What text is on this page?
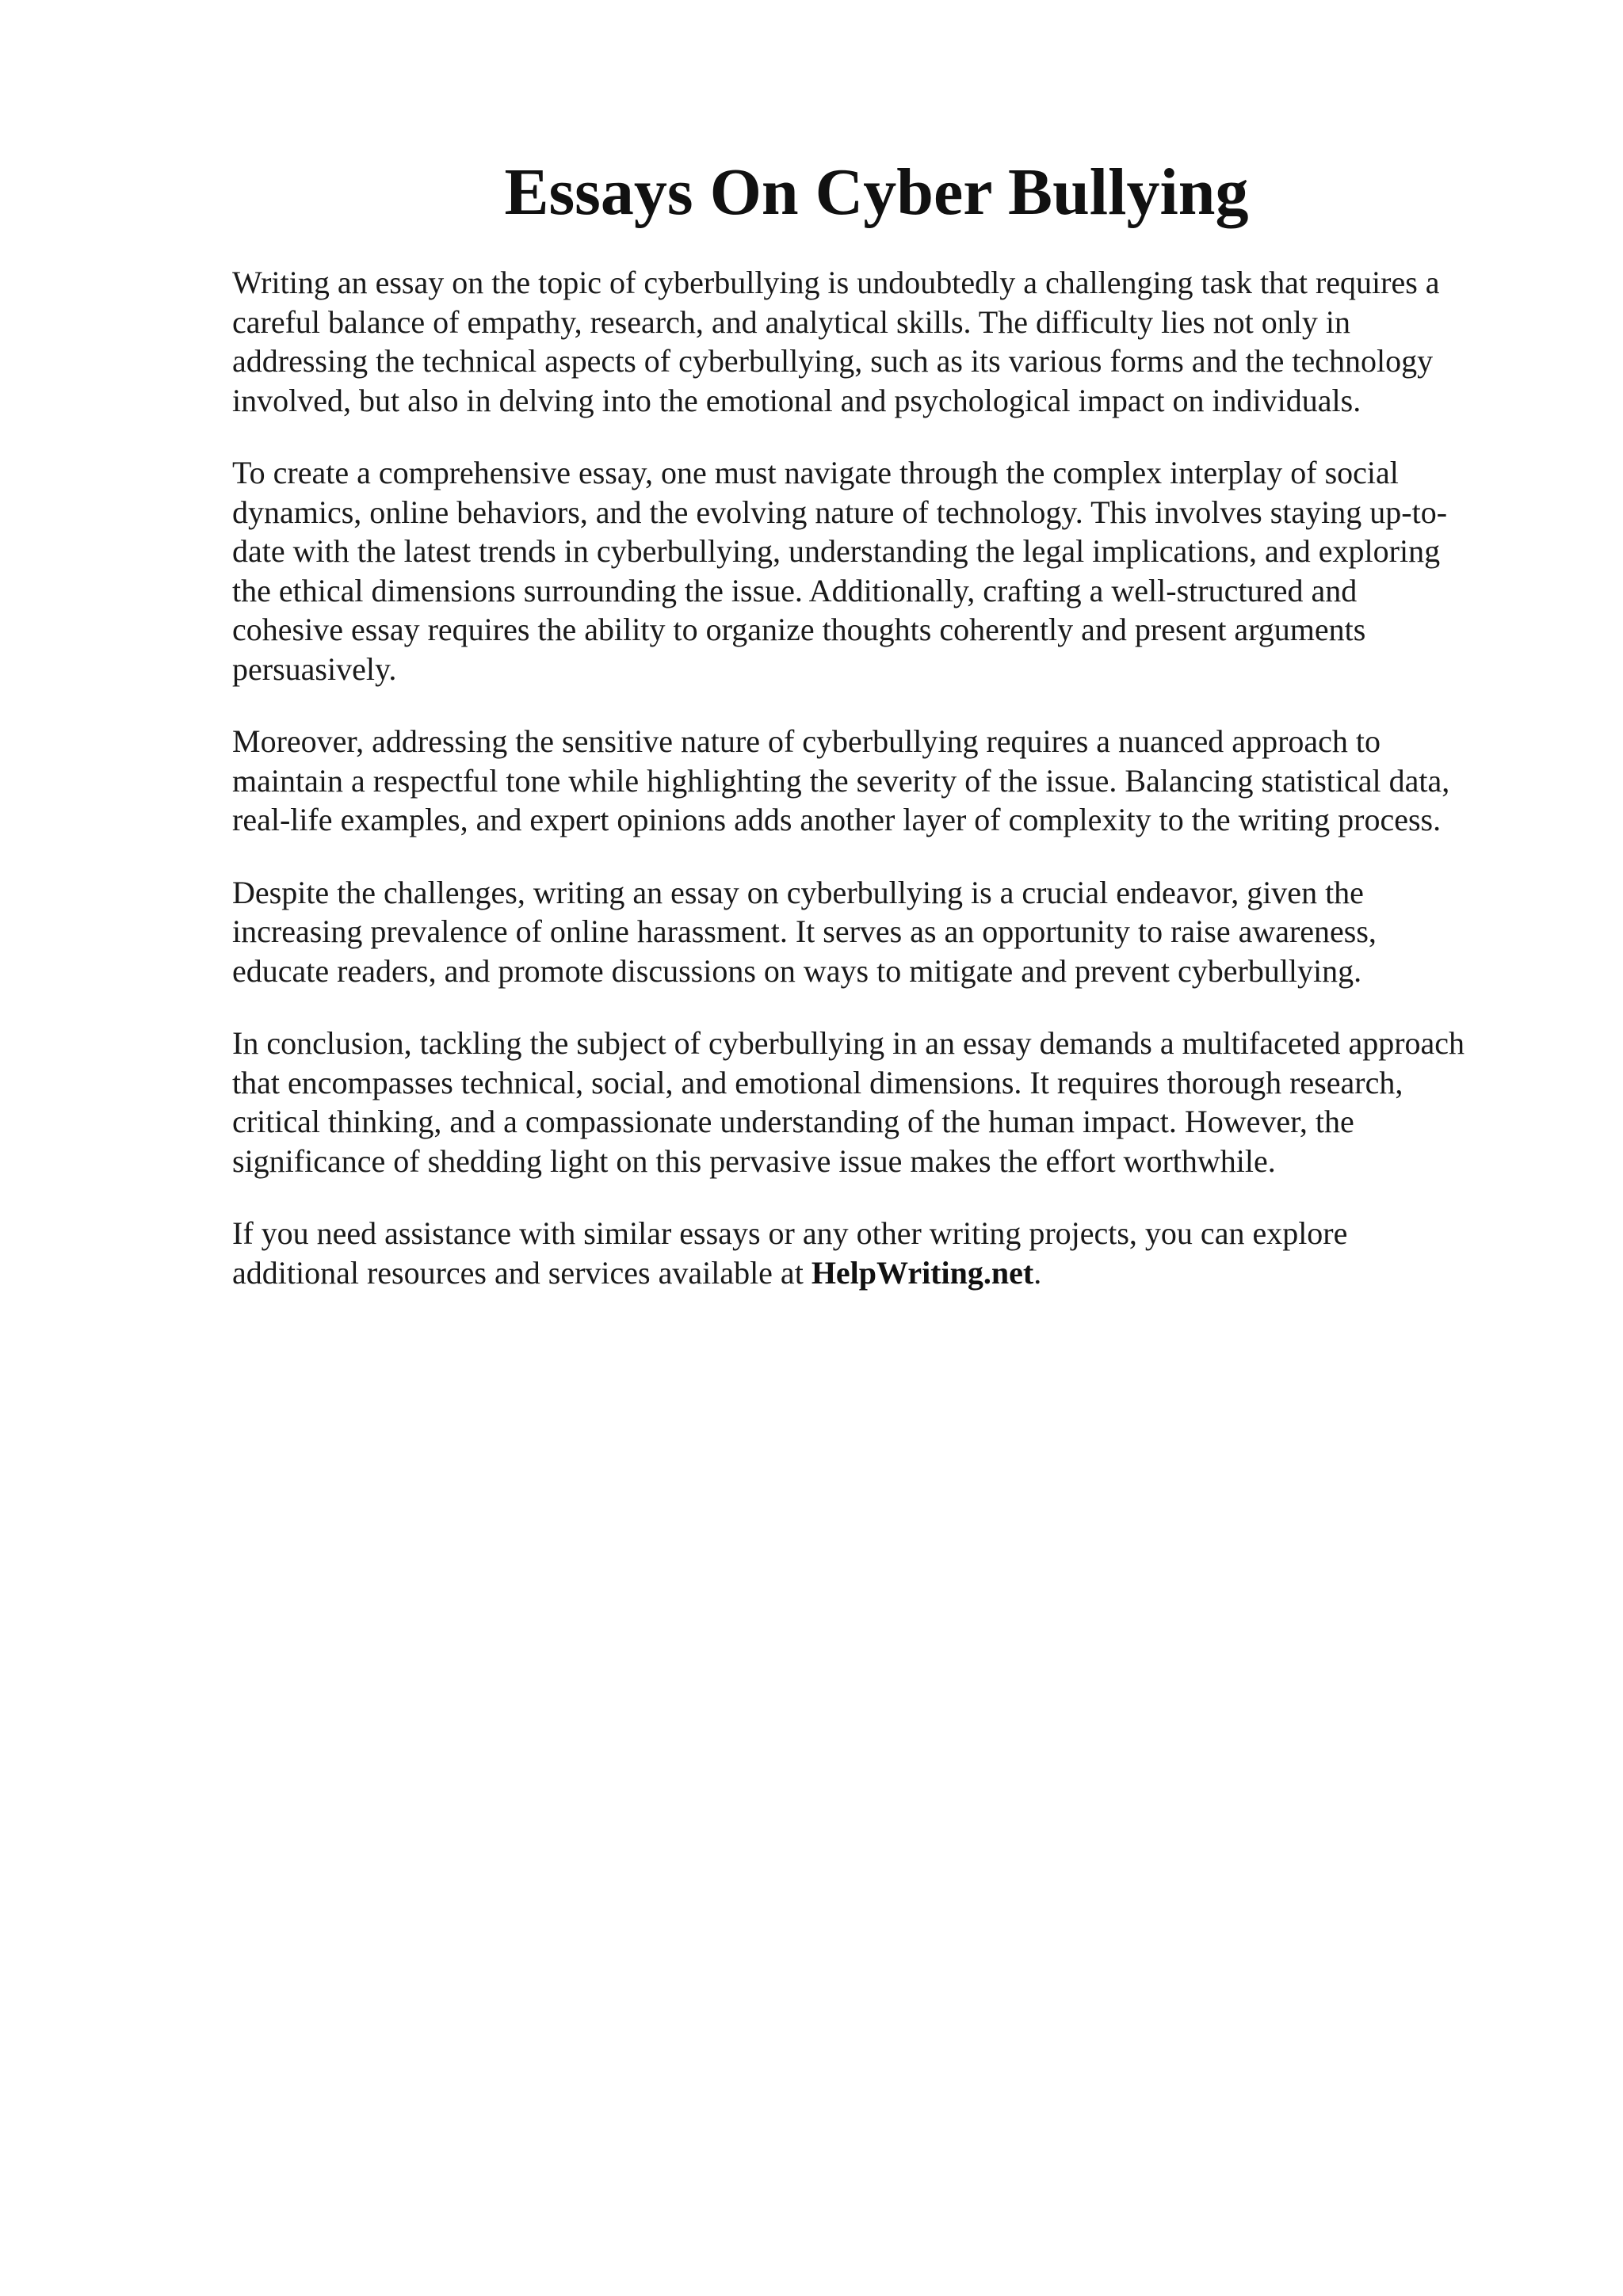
Essays On Cyber Bullying

Writing an essay on the topic of cyberbullying is undoubtedly a challenging task that requires a
careful balance of empathy, research, and analytical skills. The difficulty lies not only in
addressing the technical aspects of cyberbullying, such as its various forms and the technology
involved, but also in delving into the emotional and psychological impact on individuals.

To create a comprehensive essay, one must navigate through the complex interplay of social
dynamics, online behaviors, and the evolving nature of technology. This involves staying up-to-
date with the latest trends in cyberbullying, understanding the legal implications, and exploring
the ethical dimensions surrounding the issue. Additionally, crafting a well-structured and
cohesive essay requires the ability to organize thoughts coherently and present arguments
persuasively.

Moreover, addressing the sensitive nature of cyberbullying requires a nuanced approach to
maintain a respectful tone while highlighting the severity of the issue. Balancing statistical data,
real-life examples, and expert opinions adds another layer of complexity to the writing process.

Despite the challenges, writing an essay on cyberbullying is a crucial endeavor, given the
increasing prevalence of online harassment. It serves as an opportunity to raise awareness,
educate readers, and promote discussions on ways to mitigate and prevent cyberbullying.

In conclusion, tackling the subject of cyberbullying in an essay demands a multifaceted approach
that encompasses technical, social, and emotional dimensions. It requires thorough research,
critical thinking, and a compassionate understanding of the human impact. However, the
significance of shedding light on this pervasive issue makes the effort worthwhile.

If you need assistance with similar essays or any other writing projects, you can explore
additional resources and services available at HelpWriting.net.
